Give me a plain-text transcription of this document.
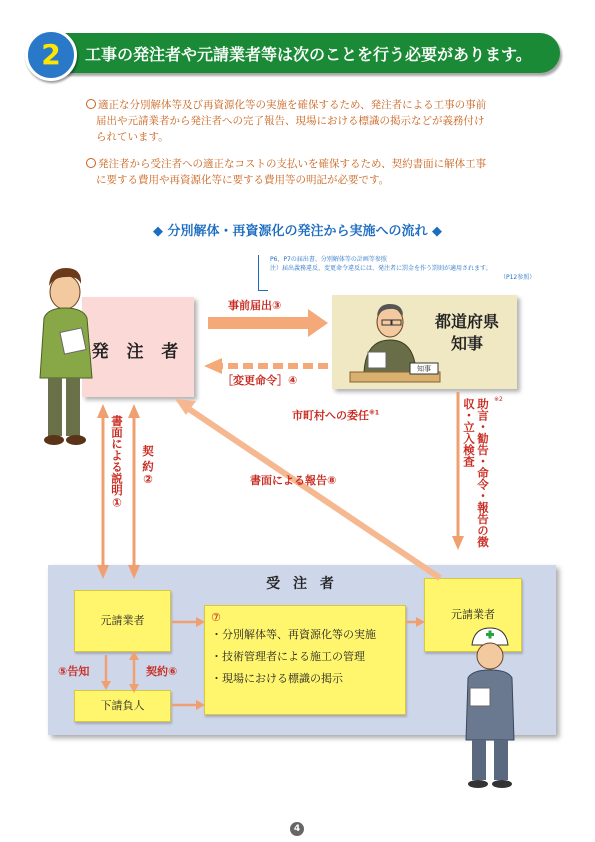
2	工事の発注者や元請業者等は次のことを行う必要があります。
適正な分別解体等及び再資源化等の実施を確保するため、発注者による工事の事前
届出や元請業者から発注者への完了報告、現場における標識の掲示などが義務付け
られています。
発注者から受注者への適正なコストの支払いを確保するため、契約書面に解体工事
に要する費用や再資源化等に要する費用等の明記が必要です。
◆ 分別解体・再資源化の発注から実施への流れ ◆
P6、P7の届出書、分別解体等の計画等参照
注）届出義務違反、変更命令違反には、発注者に罰金を作う罰則が適用されます。
（P12参照）
発 注 者
都道府県
知事
受 注 者
元請業者
下請負人
⑦
・分別解体等、再資源化等の実施
・技術管理者による施工の管理
・現場における標識の掲示
元請業者
知事
事前届出③
［変更命令］④
市町村への委任$^{※1}$
書面による報告⑧
書面による説明① 契 約②	助言・勧告・命令・報告の徴収・立入検査	※2
⑤告知	契約⑥
4
